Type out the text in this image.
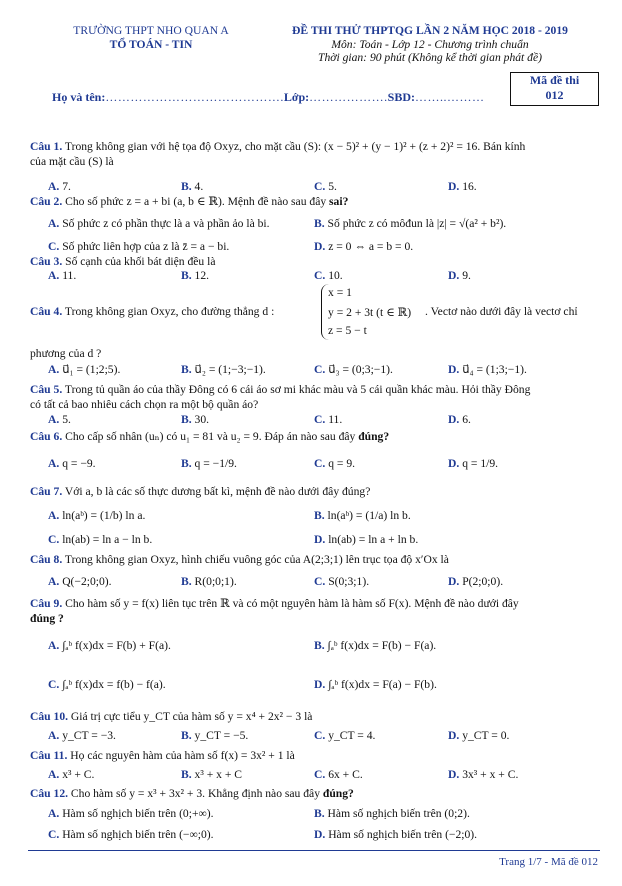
TRƯỜNG THPT NHO QUAN A
TỔ TOÁN - TIN
ĐỀ THI THỬ THPTQG LẦN 2 NĂM HỌC 2018 - 2019
Môn: Toán - Lớp 12 - Chương trình chuẩn
Thời gian: 90 phút (Không kể thời gian phát đề)
Mã đề thi
012
Họ và tên:…………………………………….Lớp:……………….SBD:……..………
Câu 1. Trong không gian với hệ tọa độ Oxyz, cho mặt cầu (S): (x − 5)² + (y − 1)² + (z + 2)² = 16. Bán kính
của mặt cầu (S) là
A. 7.	B. 4.	C. 5.	D. 16.
Câu 2. Cho số phức z = a + bi (a, b ∈ ℝ). Mệnh đề nào sau đây sai?
A. Số phức z có phần thực là a và phần ảo là bi.	B. Số phức z có môđun là |z| = √(a² + b²).
C. Số phức liên hợp của z là z̄ = a − bi.	D. z = 0 ⇔ a = b = 0.
Câu 3. Số cạnh của khối bát diện đều là
A. 11.	B. 12.	C. 10.	D. 9.
Câu 4. Trong không gian Oxyz, cho đường thẳng d :
x = 1
y = 2 + 3t (t ∈ ℝ)
z = 5 − t
. Vectơ nào dưới đây là vectơ chỉ
phương của d ?
A. u⃗₁ = (1;2;5).	B. u⃗₂ = (1;−3;−1).	C. u⃗₃ = (0;3;−1).	D. u⃗₄ = (1;3;−1).
Câu 5. Trong tủ quần áo của thầy Đông có 6 cái áo sơ mi khác màu và 5 cái quần khác màu. Hỏi thầy Đông
có tất cả bao nhiêu cách chọn ra một bộ quần áo?
A. 5.	B. 30.	C. 11.	D. 6.
Câu 6. Cho cấp số nhân (uₙ) có u₁ = 81 và u₂ = 9. Đáp án nào sau đây đúng?
A. q = −9.	B. q = −1/9.	C. q = 9.	D. q = 1/9.
Câu 7. Với a, b là các số thực dương bất kì, mệnh đề nào dưới đây đúng?
A. ln(aᵇ) = (1/b) ln a.	B. ln(aᵇ) = (1/a) ln b.
C. ln(ab) = ln a − ln b.	D. ln(ab) = ln a + ln b.
Câu 8. Trong không gian Oxyz, hình chiếu vuông góc của A(2;3;1) lên trục tọa độ x′Ox là
A. Q(−2;0;0).	B. R(0;0;1).	C. S(0;3;1).	D. P(2;0;0).
Câu 9. Cho hàm số y = f(x) liên tục trên ℝ và có một nguyên hàm là hàm số F(x). Mệnh đề nào dưới đây
đúng ?
A. ∫ₐᵇ f(x)dx = F(b) + F(a).	B. ∫ₐᵇ f(x)dx = F(b) − F(a).
C. ∫ₐᵇ f(x)dx = f(b) − f(a).	D. ∫ₐᵇ f(x)dx = F(a) − F(b).
Câu 10. Giá trị cực tiểu y_CT của hàm số y = x⁴ + 2x² − 3 là
A. y_CT = −3.	B. y_CT = −5.	C. y_CT = 4.	D. y_CT = 0.
Câu 11. Họ các nguyên hàm của hàm số f(x) = 3x² + 1 là
A. x³ + C.	B. x³ + x + C	C. 6x + C.	D. 3x³ + x + C.
Câu 12. Cho hàm số y = x³ + 3x² + 3. Khẳng định nào sau đây đúng?
A. Hàm số nghịch biến trên (0;+∞).	B. Hàm số nghịch biến trên (0;2).
C. Hàm số nghịch biến trên (−∞;0).	D. Hàm số nghịch biến trên (−2;0).
Trang 1/7 - Mã đề 012
